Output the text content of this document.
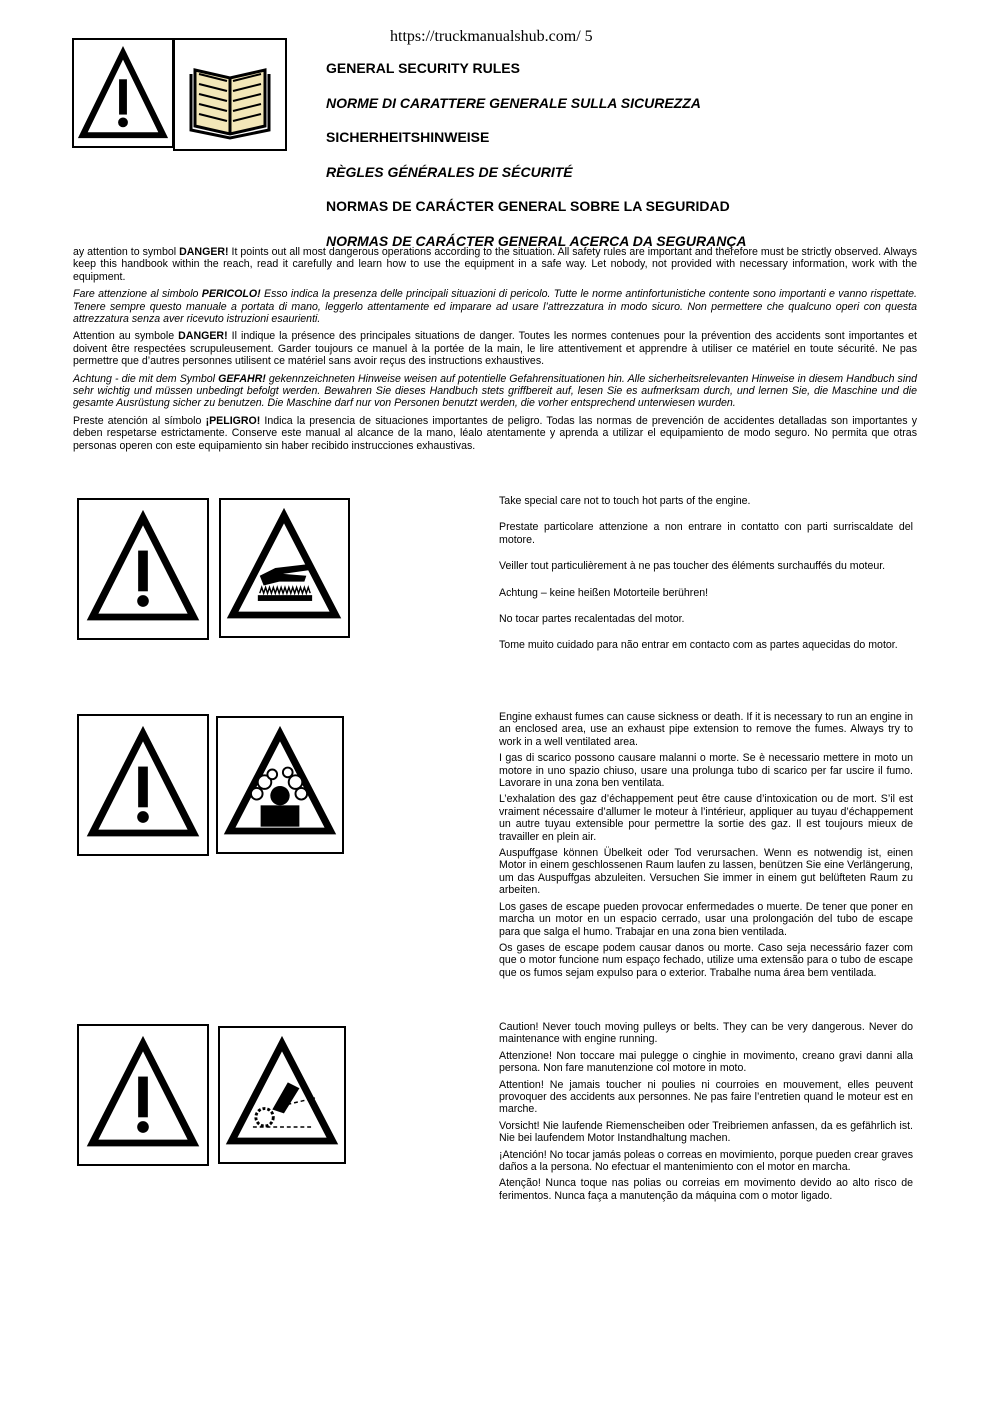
https://truckmanualshub.com/ 5
GENERAL SECURITY RULES
NORME DI CARATTERE GENERALE SULLA SICUREZZA
SICHERHEITSHINWEISE
RÈGLES GÉNÉRALES DE SÉCURITÉ
NORMAS DE CARÁCTER GENERAL SOBRE LA SEGURIDAD
NORMAS DE CARÁCTER GENERAL ACERCA DA SEGURANÇA

ay attention to symbol DANGER! It points out all most dangerous operations according to the situation. All safety rules are important and therefore must be strictly observed. Always keep this handbook within the reach, read it carefully and learn how to use the equipment in a safe way. Let nobody, not provided with necessary information, work with the equipment.

Fare attenzione al simbolo PERICOLO! Esso indica la presenza delle principali situazioni di pericolo. Tutte le norme antinfortunistiche contente sono importanti e vanno rispettate. Tenere sempre questo manuale a portata di mano, leggerlo attentamente ed imparare ad usare l’attrezzatura in modo sicuro. Non permettere che qualcuno operi con questa attrezzatura senza aver ricevuto istruzioni esaurienti.

Attention au symbole DANGER! Il indique la présence des principales situations de danger. Toutes les normes contenues pour la prévention des accidents sont importantes et doivent être respectées scrupuleusement. Garder toujours ce manuel à la portée de la main, le lire attentivement et apprendre à utiliser ce matériel en toute sécurité. Ne pas permettre que d’autres personnes utilisent ce matériel sans avoir reçus des instructions exhaustives.

Achtung - die mit dem Symbol GEFAHR! gekennzeichneten Hinweise weisen auf potentielle Gefahrensituationen hin. Alle sicherheitsrelevanten Hinweise in diesem Handbuch sind sehr wichtig und müssen unbedingt befolgt werden. Bewahren Sie dieses Handbuch stets griffbereit auf, lesen Sie es aufmerksam durch, und lernen Sie, die Maschine und die gesamte Ausrüstung sicher zu benutzen. Die Maschine darf nur von Personen benutzt werden, die vorher entsprechend unterwiesen wurden.

Preste atención al símbolo ¡PELIGRO! Indica la presencia de situaciones importantes de peligro. Todas las normas de prevención de accidentes detalladas son importantes y deben respetarse estrictamente. Conserve este manual al alcance de la mano, léalo atentamente y aprenda a utilizar el equipamiento de modo seguro. No permita que otras personas operen con este equipamiento sin haber recibido instrucciones exhaustivas.

Take special care not to touch hot parts of the engine.

Prestate particolare attenzione a non entrare in contatto con parti surriscaldate del motore.

Veiller tout particulièrement à ne pas toucher des éléments surchauffés du moteur.

Achtung – keine heißen Motorteile berühren!

No tocar partes recalentadas del motor.

Tome muito cuidado para não entrar em contacto com as partes aquecidas do motor.

Engine exhaust fumes can cause sickness or death. If it is necessary to run an engine in an enclosed area, use an exhaust pipe extension to remove the fumes. Always try to work in a well ventilated area.

I gas di scarico possono causare malanni o morte. Se è necessario mettere in moto un motore in uno spazio chiuso, usare una prolunga tubo di scarico per far uscire il fumo. Lavorare in una zona ben ventilata.

L’exhalation des gaz d’échappement peut être cause d’intoxication ou de mort. S’il est vraiment nécessaire d’allumer le moteur à l’intérieur, appliquer au tuyau d’échappement un autre tuyau extensible pour permettre la sortie des gaz. Il est toujours mieux de travailler en plein air.

Auspuffgase können Übelkeit oder Tod verursachen. Wenn es notwendig ist, einen Motor in einem geschlossenen Raum laufen zu lassen, benützen Sie eine Verlängerung, um das Auspuffgas abzuleiten. Versuchen Sie immer in einem gut belüfteten Raum zu arbeiten.

Los gases de escape pueden provocar enfermedades o muerte. De tener que poner en marcha un motor en un espacio cerrado, usar una prolongación del tubo de escape para que salga el humo. Trabajar en una zona bien ventilada.

Os gases de escape podem causar danos ou morte. Caso seja necessário fazer com que o motor funcione num espaço fechado, utilize uma extensão para o tubo de escape que os fumos sejam expulso para o exterior. Trabalhe numa área bem ventilada.

Caution! Never touch moving pulleys or belts. They can be very dangerous. Never do maintenance with engine running.

Attenzione! Non toccare mai pulegge o cinghie in movimento, creano gravi danni alla persona. Non fare manutenzione col motore in moto.

Attention! Ne jamais toucher ni poulies ni courroies en mouvement, elles peuvent provoquer des accidents aux personnes. Ne pas faire l’entretien quand le moteur est en marche.

Vorsicht! Nie laufende Riemenscheiben oder Treibriemen anfassen, da es gefährlich ist. Nie bei laufendem Motor Instandhaltung machen.

¡Atención! No tocar jamás poleas o correas en movimiento, porque pueden crear graves daños a la persona. No efectuar el mantenimiento con el motor en marcha.

Atenção! Nunca toque nas polias ou correias em movimento devido ao alto risco de ferimentos. Nunca faça a manutenção da máquina com o motor ligado.
